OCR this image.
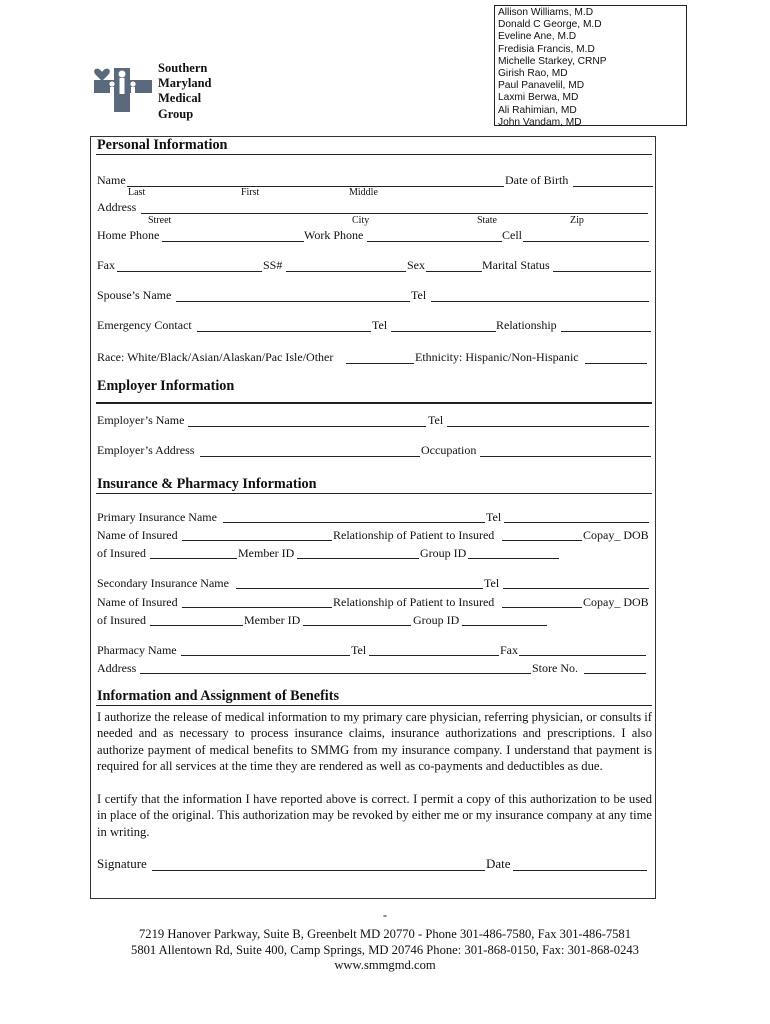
Allison Williams, M.D
Donald C George, M.D
Eveline Ane, M.D
Fredisia Francis, M.D
Michelle Starkey, CRNP
Girish Rao, MD
Paul Panavelil, MD
Laxmi Berwa, MD
Ali Rahimian, MD
John Vandam, MD
Southern
Maryland
Medical
Group
Personal Information
Name	Date of Birth
Last	First	Middle
Address
Street	City	State	Zip
Home Phone	Work Phone	Cell
Fax	SS#	Sex	Marital Status
Spouse’s Name	Tel
Emergency Contact	Tel	Relationship
Race: White/Black/Asian/Alaskan/Pac Isle/Other	Ethnicity: Hispanic/Non-Hispanic
Employer Information
Employer’s Name	Tel
Employer’s Address	Occupation
Insurance & Pharmacy Information
Primary Insurance Name	Tel
Name of Insured	Relationship of Patient to Insured	Copay_ DOB
of Insured	Member ID	Group ID
Secondary Insurance Name	Tel
Name of Insured	Relationship of Patient to Insured	Copay_ DOB
of Insured	Member ID	Group ID
Pharmacy Name	Tel	Fax
Address	Store No.
Information and Assignment of Benefits
I authorize the release of medical information to my primary care physician, referring physician, or consults if needed and as necessary to process insurance claims, insurance authorizations and prescriptions. I also authorize payment of medical benefits to SMMG from my insurance company. I understand that payment is required for all services at the time they are rendered as well as co-payments and deductibles as due.
I certify that the information I have reported above is correct. I permit a copy of this authorization to be used in place of the original. This authorization may be revoked by either me or my insurance company at any time in writing.
Signature	Date
-
7219 Hanover Parkway, Suite B, Greenbelt MD 20770 - Phone 301-486-7580, Fax 301-486-7581
5801 Allentown Rd, Suite 400, Camp Springs, MD 20746 Phone: 301-868-0150, Fax: 301-868-0243
www.smmgmd.com
